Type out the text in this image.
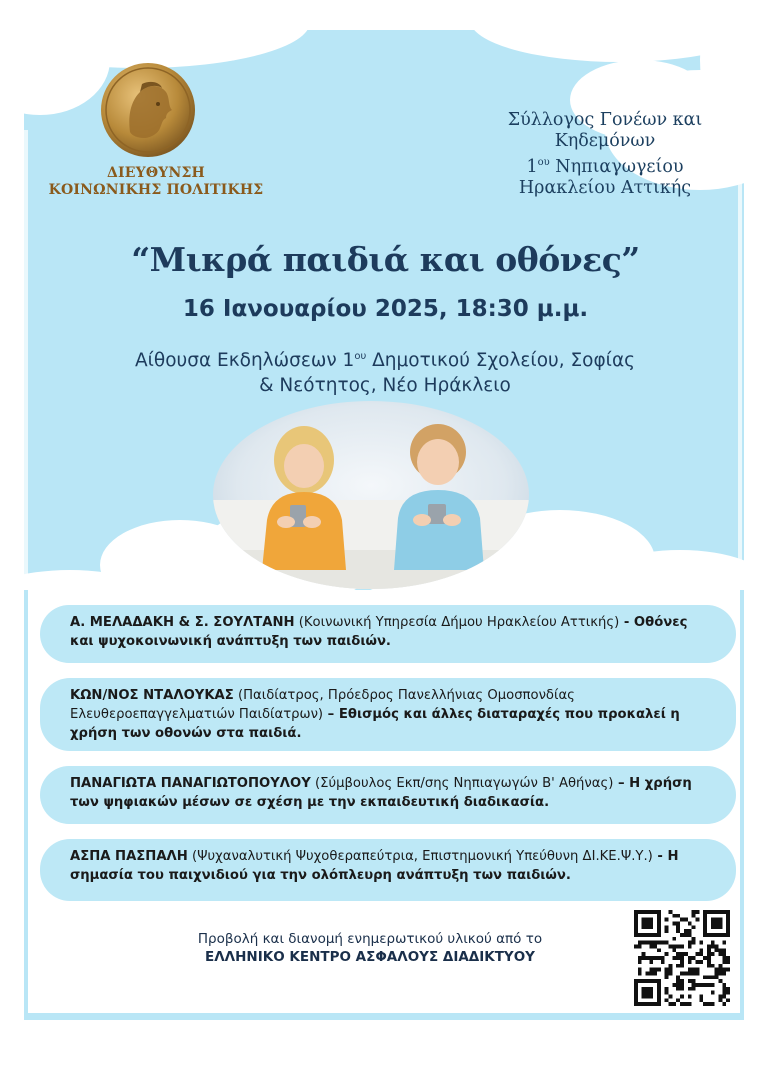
ΔΙΕΥΘΥΝΣΗ
ΚΟΙΝΩΝΙΚΗΣ ΠΟΛΙΤΙΚΗΣ
Σύλλογος Γονέων και
Κηδεμόνων
$1^{o\upsilon}$ Νηπιαγωγείου
Ηρακλείου Αττικής
“Μικρά παιδιά και οθόνες”
16 Ιανουαρίου 2025, 18:30 μ.μ.
Αίθουσα Εκδηλώσεων $1^{o\upsilon}$ Δημοτικού Σχολείου, Σοφίας
& Νεότητος, Νέο Ηράκλειο
Α. ΜΕΛΑΔΑΚΗ & Σ. ΣΟΥΛΤΑΝΗ (Κοινωνική Υπηρεσία Δήμου Ηρακλείου Αττικής) - Οθόνες και ψυχοκοινωνική ανάπτυξη των παιδιών.
ΚΩΝ/ΝΟΣ ΝΤΑΛΟΥΚΑΣ (Παιδίατρος, Πρόεδρος Πανελλήνιας Ομοσπονδίας Ελευθεροεπαγγελματιών Παιδίατρων) – Εθισμός και άλλες διαταραχές που προκαλεί η χρήση των οθονών στα παιδιά.
ΠΑΝΑΓΙΩΤΑ ΠΑΝΑΓΙΩΤΟΠΟΥΛΟΥ (Σύμβουλος Εκπ/σης Νηπιαγωγών Β' Αθήνας) – Η χρήση των ψηφιακών μέσων σε σχέση με την εκπαιδευτική διαδικασία.
ΑΣΠΑ ΠΑΣΠΑΛΗ (Ψυχαναλυτική Ψυχοθεραπεύτρια, Επιστημονική Υπεύθυνη ΔΙ.ΚΕ.Ψ.Υ.) - Η σημασία του παιχνιδιού για την ολόπλευρη ανάπτυξη των παιδιών.
Προβολή και διανομή ενημερωτικού υλικού από το
ΕΛΛΗΝΙΚΟ ΚΕΝΤΡΟ ΑΣΦΑΛΟΥΣ ΔΙΑΔΙΚΤΥΟΥ
